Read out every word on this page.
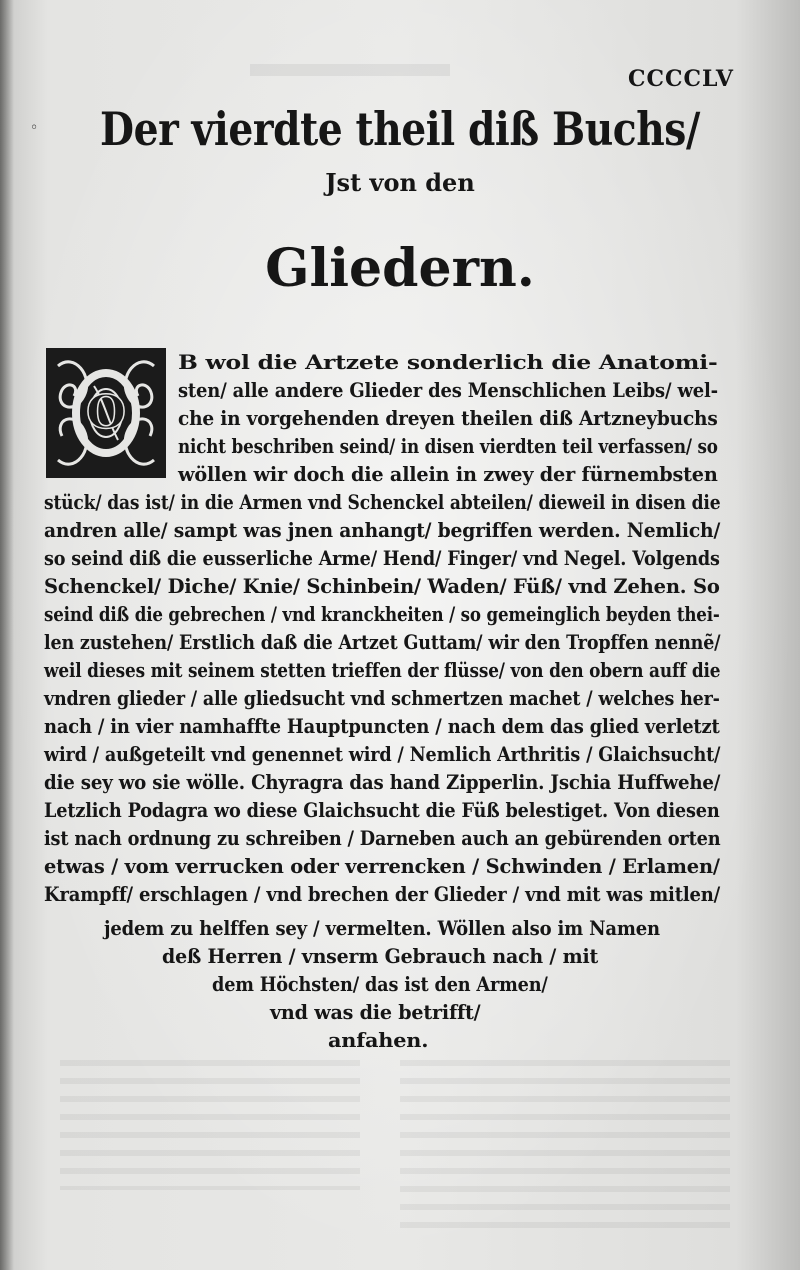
◦
CCCCLV
Der vierdte theil diß Buchs/
Jst von den
Gliedern.
O
B wol die Artzete sonderlich die Anatomi-
sten/ alle andere Glieder des Menschlichen Leibs/ wel-
che in vorgehenden dreyen theilen diß Artzneybuchs
nicht beschriben seind/ in disen vierdten teil verfassen/ so
wöllen wir doch die allein in zwey der fürnembsten
stück/ das ist/ in die Armen vnd Schenckel abteilen/ dieweil in disen die
andren alle/ sampt was jnen anhangt/ begriffen werden. Nemlich/
so seind diß die eusserliche Arme/ Hend/ Finger/ vnd Negel. Volgends
Schenckel/ Diche/ Knie/ Schinbein/ Waden/ Füß/ vnd Zehen. So
seind diß die gebrechen / vnd kranckheiten / so gemeinglich beyden thei-
len zustehen/ Erstlich daß die Artzet Guttam/ wir den Tropffen nennẽ/
weil dieses mit seinem stetten trieffen der flüsse/ von den obern auff die
vndren glieder / alle gliedsucht vnd schmertzen machet / welches her-
nach / in vier namhaffte Hauptpuncten / nach dem das glied verletzt
wird / außgeteilt vnd genennet wird / Nemlich Arthritis / Glaichsucht/
die sey wo sie wölle. Chyragra das hand Zipperlin. Jschia Huffwehe/
Letzlich Podagra wo diese Glaichsucht die Füß belestiget. Von diesen
ist nach ordnung zu schreiben / Darneben auch an gebürenden orten
etwas / vom verrucken oder verrencken / Schwinden / Erlamen/
Krampff/ erschlagen / vnd brechen der Glieder / vnd mit was mitlen/
jedem zu helffen sey / vermelten. Wöllen also im Namen
deß Herren / vnserm Gebrauch nach / mit
dem Höchsten/ das ist den Armen/
vnd was die betrifft/
anfahen.
